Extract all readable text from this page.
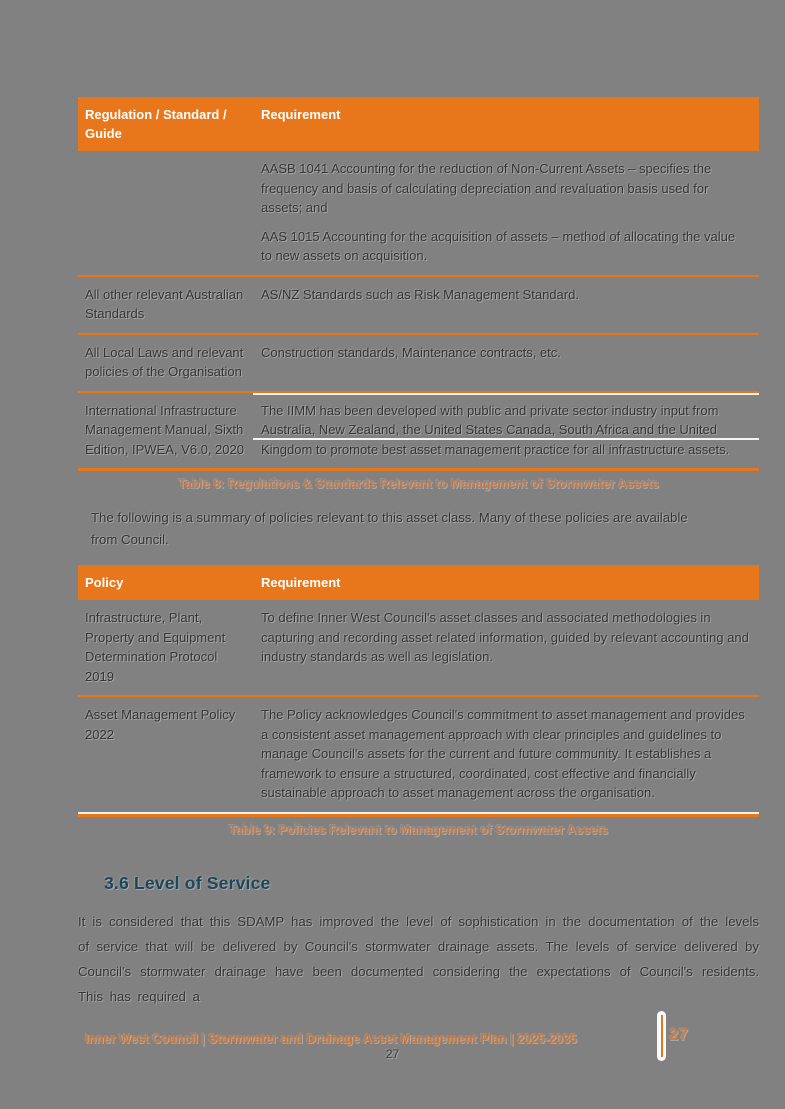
Regulation / Standard / Guide
Requirement

AASB 1041 Accounting for the reduction of Non-Current Assets – specifies the frequency and basis of calculating depreciation and revaluation basis used for assets; and

AAS 1015 Accounting for the acquisition of assets – method of allocating the value to new assets on acquisition.

All other relevant Australian Standards
AS/NZ Standards such as Risk Management Standard.
All Local Laws and relevant policies of the Organisation
Construction standards, Maintenance contracts, etc.
International Infrastructure Management Manual, Sixth Edition, IPWEA, V6.0, 2020
The IIMM has been developed with public and private sector industry input from Australia, New Zealand, the United States Canada, South Africa and the United Kingdom to promote best asset management practice for all infrastructure assets.
Table 8: Regulations & Standards Relevant to Management of Stormwater Assets

The following is a summary of policies relevant to this asset class. Many of these policies are available from Council.

Policy	Requirement
Infrastructure, Plant, Property and Equipment Determination Protocol 2019
To define Inner West Council's asset classes and associated methodologies in capturing and recording asset related information, guided by relevant accounting and industry standards as well as legislation.
Asset Management Policy 2022
The Policy acknowledges Council's commitment to asset management and provides a consistent asset management approach with clear principles and guidelines to manage Council's assets for the current and future community. It establishes a framework to ensure a structured, coordinated, cost effective and financially sustainable approach to asset management across the organisation.
Table 9: Policies Relevant to Management of Stormwater Assets
3.6 Level of Service

It is considered that this SDAMP has improved the level of sophistication in the documentation of the levels of service that will be delivered by Council's stormwater drainage assets. The levels of service delivered by Council's stormwater drainage have been documented considering the expectations of Council's residents. This has required a

Inner West Council | Stormwater and Drainage Asset Management Plan | 2025-2035	27
27
